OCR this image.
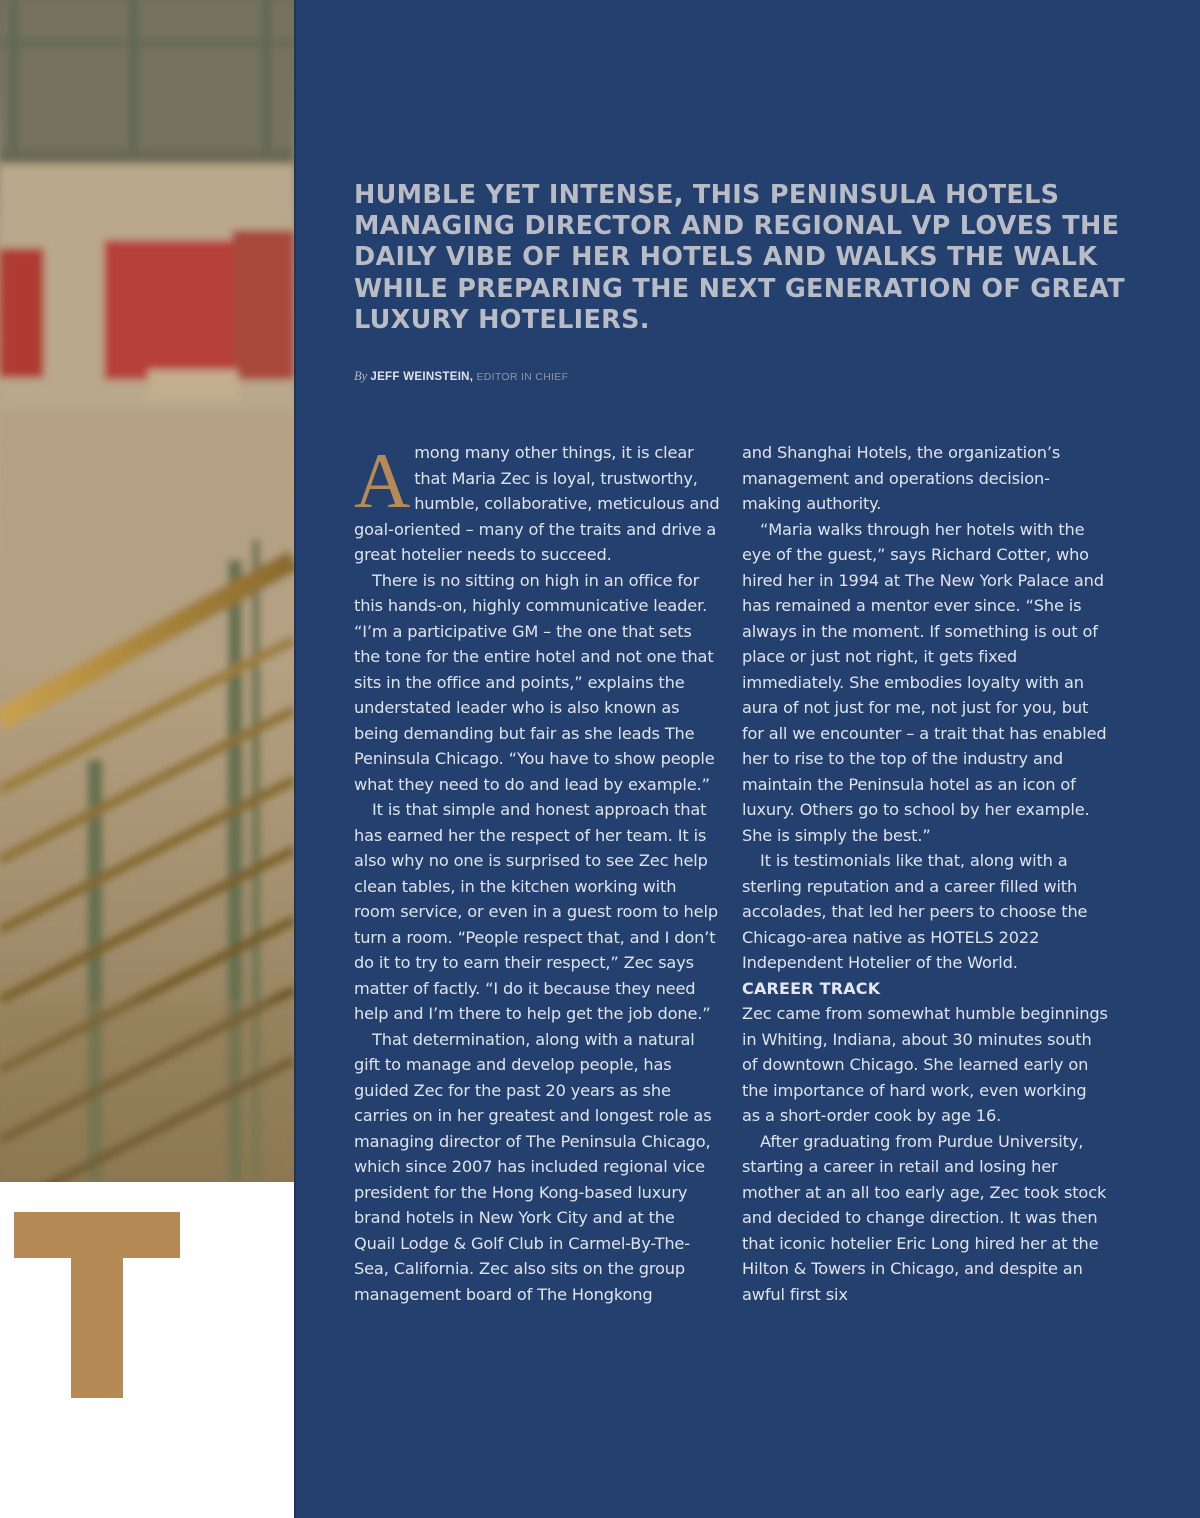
HUMBLE YET INTENSE, THIS PENINSULA HOTELS MANAGING DIRECTOR AND REGIONAL VP LOVES THE DAILY VIBE OF HER HOTELS AND WALKS THE WALK WHILE PREPARING THE NEXT GENERATION OF GREAT LUXURY HOTELIERS.
By JEFF WEINSTEIN, EDITOR IN CHIEF

Among many other things, it is clear that Maria Zec is loyal, trustworthy, humble, collaborative, meticulous and goal-oriented – many of the traits and drive a great hotelier needs to succeed.

There is no sitting on high in an office for this hands-on, highly communicative leader. “I’m a participative GM – the one that sets the tone for the entire hotel and not one that sits in the office and points,” explains the understated leader who is also known as being demanding but fair as she leads The Peninsula Chicago. “You have to show people what they need to do and lead by example.”

It is that simple and honest approach that has earned her the respect of her team. It is also why no one is surprised to see Zec help clean tables, in the kitchen working with room service, or even in a guest room to help turn a room. “People respect that, and I don’t do it to try to earn their respect,” Zec says matter of factly. “I do it because they need help and I’m there to help get the job done.”

That determination, along with a natural gift to manage and develop people, has guided Zec for the past 20 years as she carries on in her greatest and longest role as managing director of The Peninsula Chicago, which since 2007 has included regional vice president for the Hong Kong-based luxury brand hotels in New York City and at the Quail Lodge & Golf Club in Carmel-By-The-Sea, California. Zec also sits on the group management board of The Hongkong

and Shanghai Hotels, the organization’s management and operations decision-making authority.

“Maria walks through her hotels with the eye of the guest,” says Richard Cotter, who hired her in 1994 at The New York Palace and has remained a mentor ever since. “She is always in the moment. If something is out of place or just not right, it gets fixed immediately. She embodies loyalty with an aura of not just for me, not just for you, but for all we encounter – a trait that has enabled her to rise to the top of the industry and maintain the Peninsula hotel as an icon of luxury. Others go to school by her example. She is simply the best.”

It is testimonials like that, along with a sterling reputation and a career filled with accolades, that led her peers to choose the Chicago-area native as HOTELS 2022 Independent Hotelier of the World.

CAREER TRACK

Zec came from somewhat humble beginnings in Whiting, Indiana, about 30 minutes south of downtown Chicago. She learned early on the importance of hard work, even working as a short-order cook by age 16.

After graduating from Purdue University, starting a career in retail and losing her mother at an all too early age, Zec took stock and decided to change direction. It was then that iconic hotelier Eric Long hired her at the Hilton & Towers in Chicago, and despite an awful first six
